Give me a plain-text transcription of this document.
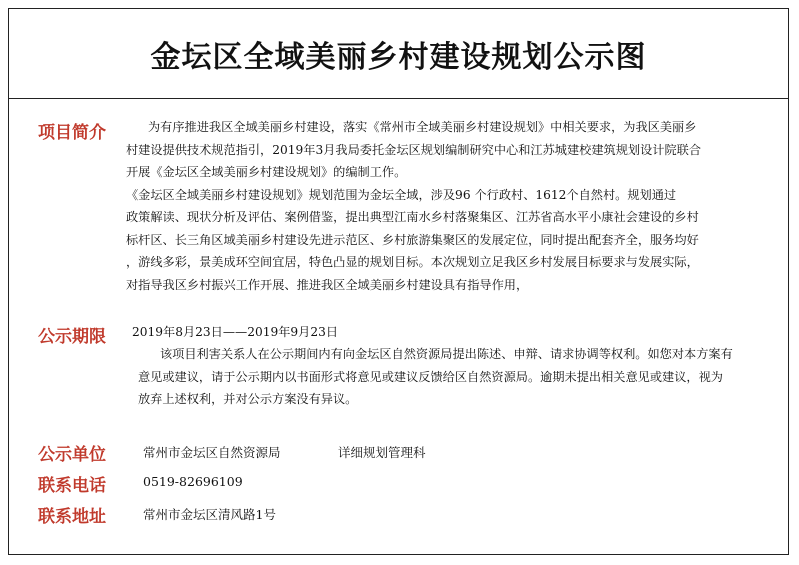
金坛区全域美丽乡村建设规划公示图
项目简介	为有序推进我区全域美丽乡村建设，落实《常州市全域美丽乡村建设规划》中相关要求，为我区美丽乡
村建设提供技术规范指引，2019年3月我局委托金坛区规划编制研究中心和江苏城建校建筑规划设计院联合
开展《金坛区全域美丽乡村建设规划》的编制工作。
《金坛区全域美丽乡村建设规划》规划范围为金坛全域，涉及96 个行政村、1612个自然村。规划通过
政策解读、现状分析及评估、案例借鉴，提出典型江南水乡村落聚集区、江苏省高水平小康社会建设的乡村
标杆区、长三角区域美丽乡村建设先进示范区、乡村旅游集聚区的发展定位，同时提出配套齐全，服务均好
，游线多彩，景美成环空间宜居，特色凸显的规划目标。本次规划立足我区乡村发展目标要求与发展实际，
对指导我区乡村振兴工作开展、推进我区全域美丽乡村建设具有指导作用，
公示期限 2019年8月23日——2019年9月23日
该项目利害关系人在公示期间内有向金坛区自然资源局提出陈述、申辩、请求协调等权利。如您对本方案有
意见或建议，请于公示期内以书面形式将意见或建议反馈给区自然资源局。逾期未提出相关意见或建议，视为
放弃上述权利，并对公示方案没有异议。
公示单位	常州市金坛区自然资源局	详细规划管理科
联系电话	0519-82696109
联系地址	常州市金坛区清风路1号
